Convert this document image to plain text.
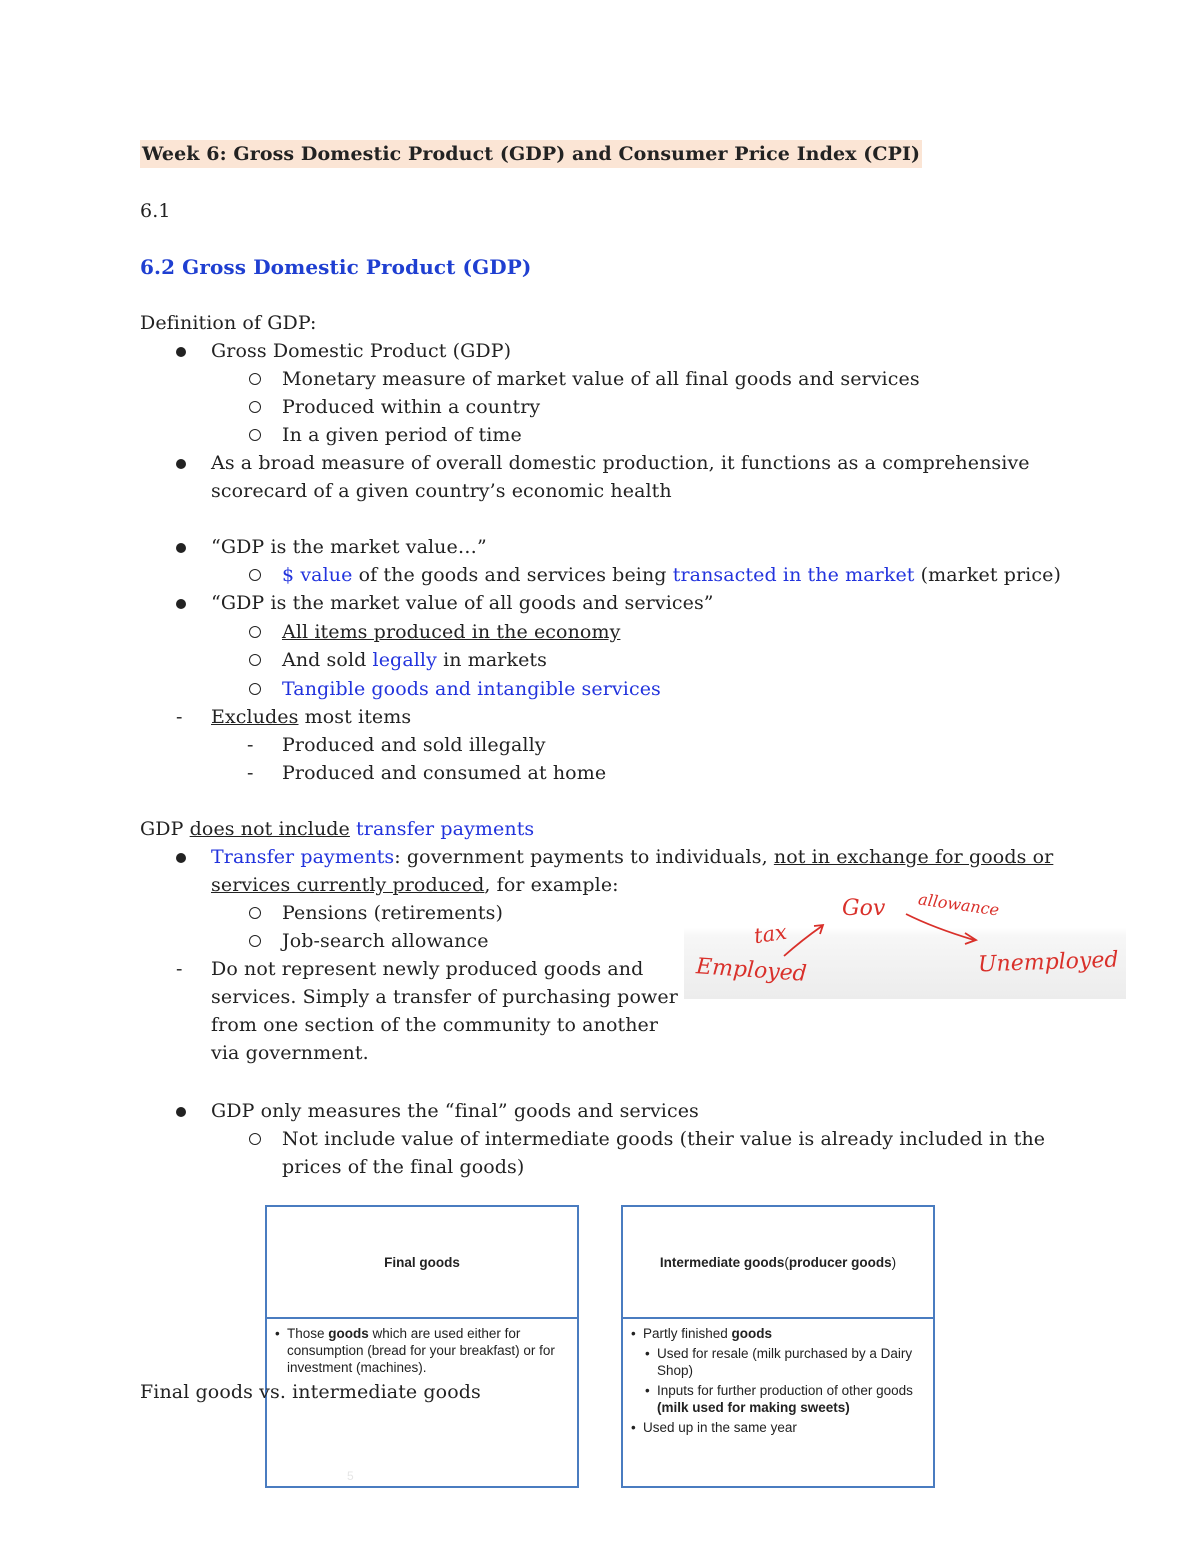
Week 6: Gross Domestic Product (GDP) and Consumer Price Index (CPI)
6.1
6.2 Gross Domestic Product (GDP)
Definition of GDP:
Gross Domestic Product (GDP)
Monetary measure of market value of all final goods and services
Produced within a country
In a given period of time
As a broad measure of overall domestic production, it functions as a comprehensive
scorecard of a given country’s economic health
“GDP is the market value…”
$ value of the goods and services being transacted in the market (market price)
“GDP is the market value of all goods and services”
All items produced in the economy
And sold legally in markets
Tangible goods and intangible services
- Excludes most items
- Produced and sold illegally
- Produced and consumed at home
GDP does not include transfer payments
Transfer payments: government payments to individuals, not in exchange for goods or
services currently produced, for example:
Pensions (retirements)
Job-search allowance
- Do not represent newly produced goods and
services. Simply a transfer of purchasing power
from one section of the community to another
via government.
tax
Gov allowance
Employed	Unemployed
GDP only measures the “final” goods and services
Not include value of intermediate goods (their value is already included in the
prices of the final goods)
Final goods
• Those goods which are used either for consumption (bread for your breakfast) or for investment (machines).
5
Intermediate goods ( producer goods )
• Partly finished goods
• Used for resale (milk purchased by a Dairy Shop)
• Inputs for further production of other goods (milk used for making sweets)
• Used up in the same year
Final goods vs. intermediate goods
